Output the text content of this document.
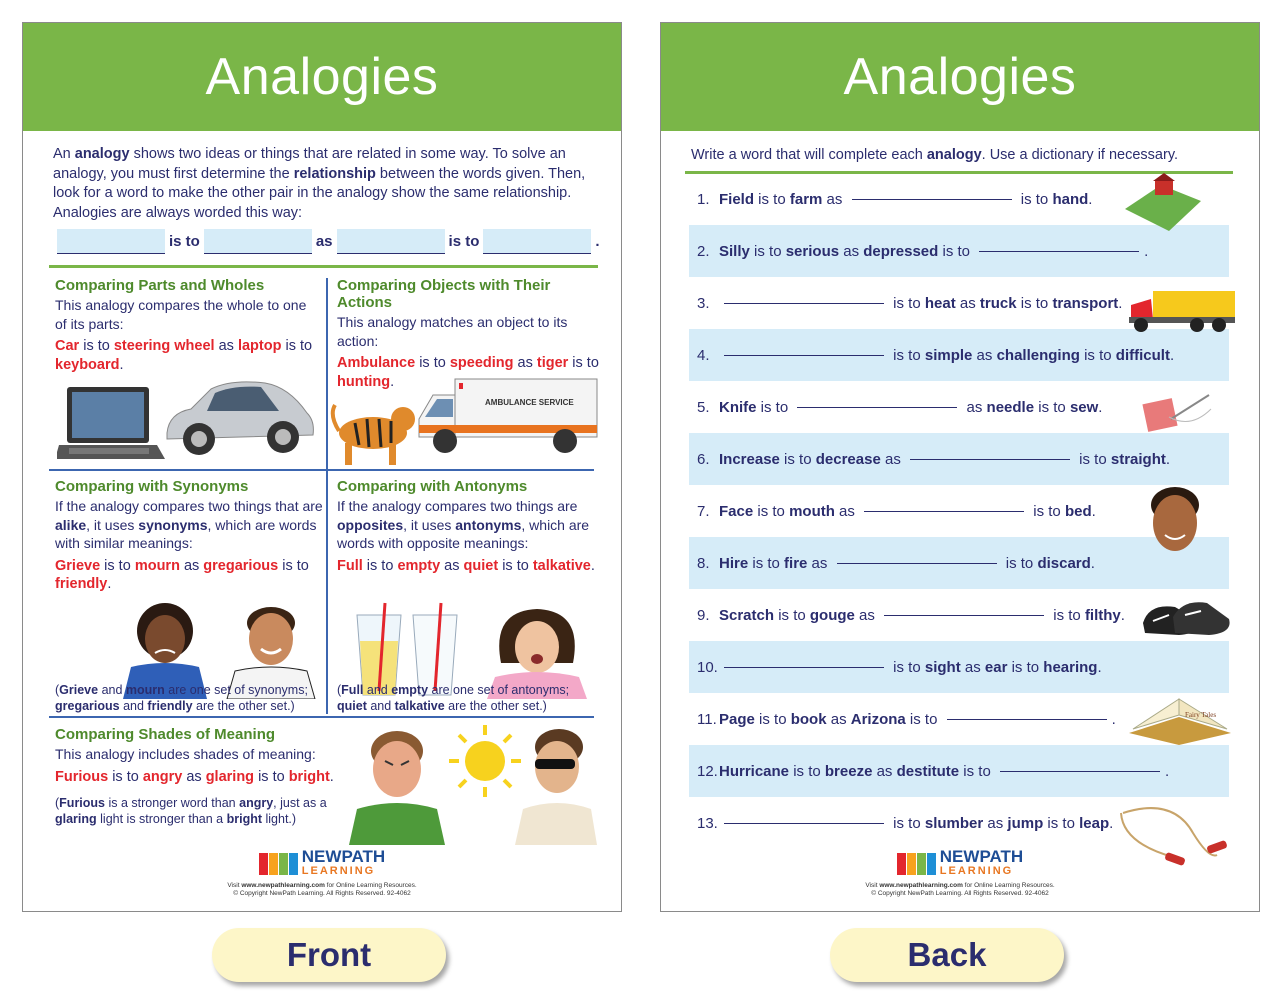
Analogies
An analogy shows two ideas or things that are related in some way. To solve an analogy, you must first determine the relationship between the words given. Then, look for a word to make the other pair in the analogy show the same relationship. Analogies are always worded this way:
is to	as	is to	.
Comparing Parts and Wholes
This analogy compares the whole to one of its parts:
Car is to steering wheel as laptop is to keyboard.
Comparing Objects with Their Actions
This analogy matches an object to its action:
Ambulance is to speeding as tiger is to hunting.
AMBULANCE SERVICE
Comparing with Synonyms
If the analogy compares two things that are alike, it uses synonyms, which are words with similar meanings:
Grieve is to mourn as gregarious is to friendly.
(Grieve and mourn are one set of synonyms; gregarious and friendly are the other set.)
Comparing with Antonyms
If the analogy compares two things are opposites, it uses antonyms, which are words with opposite meanings:
Full is to empty as quiet is to talkative.
(Full and empty are one set of antonyms; quiet and talkative are the other set.)
Comparing Shades of Meaning
This analogy includes shades of meaning:
Furious is to angry as glaring is to bright.
(Furious is a stronger word than angry, just as a glaring light is stronger than a bright light.)
NEWPATH
LEARNING
Visit www.newpathlearning.com for Online Learning Resources.
© Copyright NewPath Learning. All Rights Reserved. 92-4062
Analogies
Write a word that will complete each analogy. Use a dictionary if necessary.
1. Field is to farm as	is to hand .
2. Silly is to serious as depressed is to	.
3.	is to heat as truck is to transport .
4.	is to simple as challenging is to difficult .
5. Knife is to	as needle is to sew .
6. Increase is to decrease as	is to straight .
7. Face is to mouth as	is to bed .
8. Hire is to fire as	is to discard .
9. Scratch is to gouge as	is to filthy .
10.	is to sight as ear is to hearing .
11. Page is to book as Arizona is to	.
12. Hurricane is to breeze as destitute is to	.
13.	is to slumber as jump is to leap .
Fairy Tales
NEWPATH
LEARNING
Visit www.newpathlearning.com for Online Learning Resources.
© Copyright NewPath Learning. All Rights Reserved. 92-4062
Front	Back
